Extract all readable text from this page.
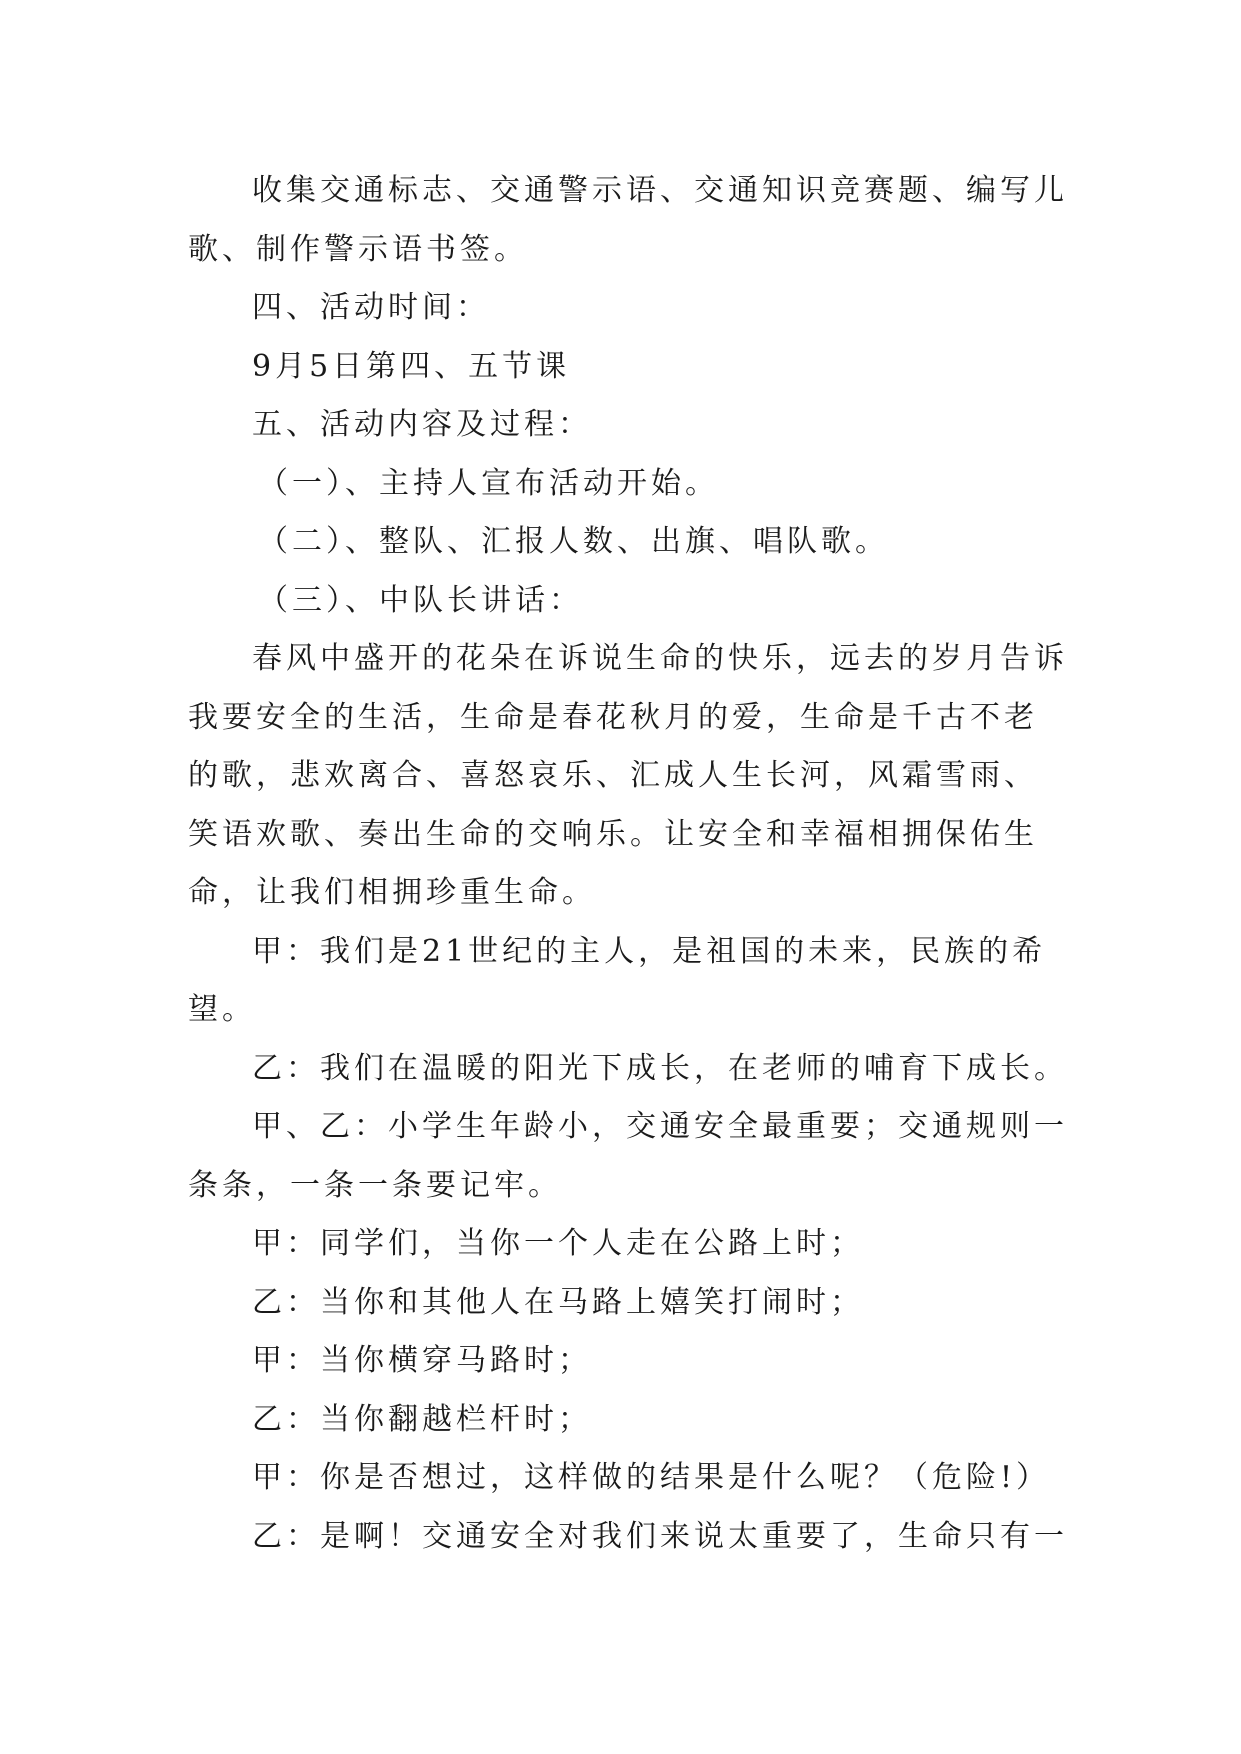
收集交通标志、交通警示语、交通知识竞赛题、编写儿歌、制作警示语书签。

四、活动时间：

9月5日第四、五节课

五、活动内容及过程：

（一）、主持人宣布活动开始。

（二）、整队、汇报人数、出旗、唱队歌。

（三）、中队长讲话：

春风中盛开的花朵在诉说生命的快乐，远去的岁月告诉我要安全的生活，生命是春花秋月的爱，生命是千古不老的歌，悲欢离合、喜怒哀乐、汇成人生长河，风霜雪雨、笑语欢歌、奏出生命的交响乐。让安全和幸福相拥保佑生命，让我们相拥珍重生命。

甲：我们是21世纪的主人，是祖国的未来，民族的希望。

乙：我们在温暖的阳光下成长，在老师的哺育下成长。

甲、乙：小学生年龄小，交通安全最重要；交通规则一条条，一条一条要记牢。

甲：同学们，当你一个人走在公路上时；

乙：当你和其他人在马路上嬉笑打闹时；

甲：当你横穿马路时；

乙：当你翻越栏杆时；

甲：你是否想过，这样做的结果是什么呢？（危险!）

乙：是啊！交通安全对我们来说太重要了，生命只有一
